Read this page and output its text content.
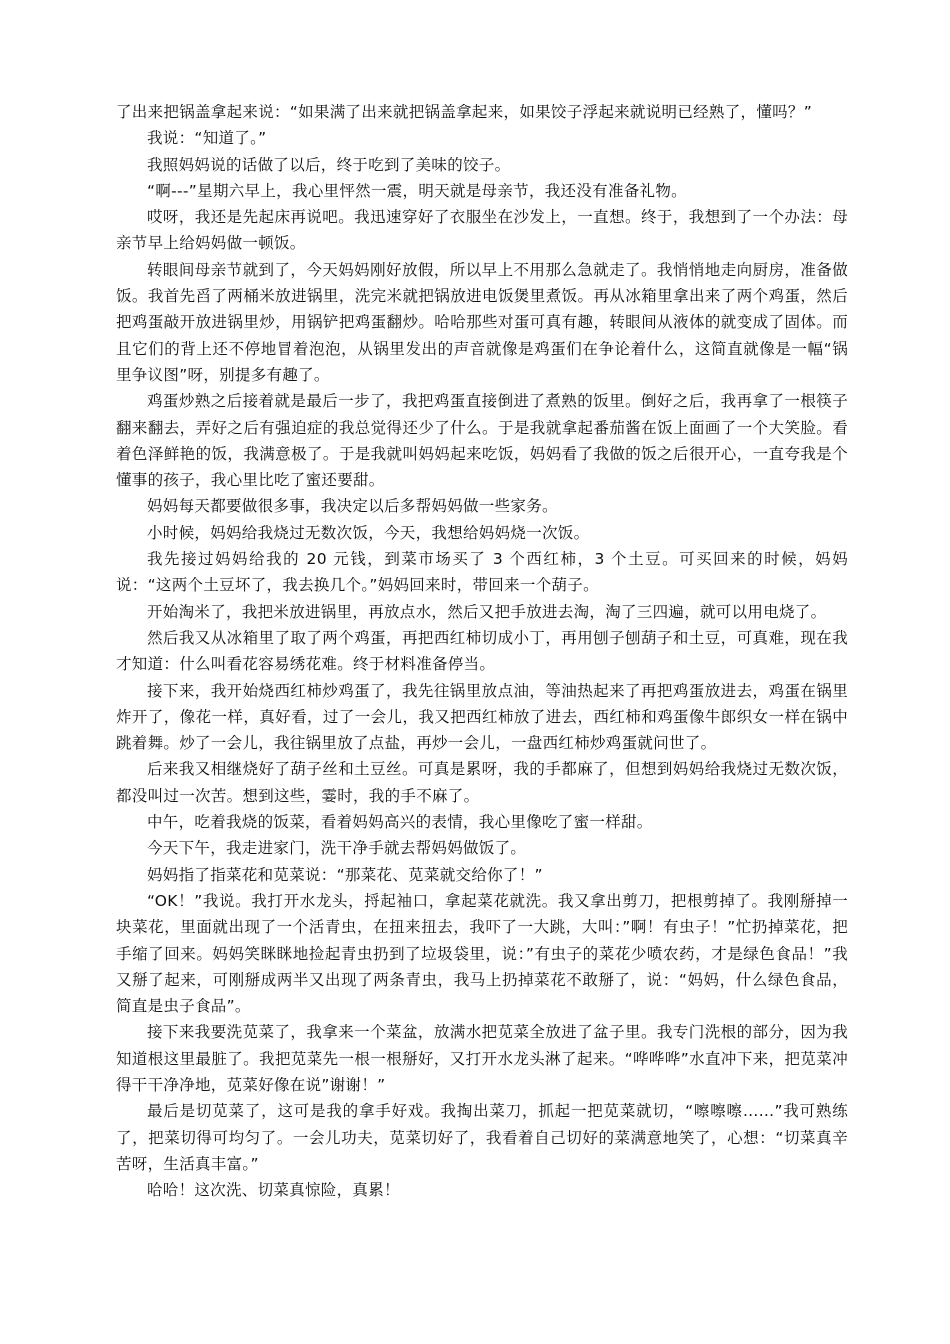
了出来把锅盖拿起来说：“如果满了出来就把锅盖拿起来，如果饺子浮起来就说明已经熟了，懂吗？”

我说：“知道了。”

我照妈妈说的话做了以后，终于吃到了美味的饺子。

“啊---”星期六早上，我心里怦然一震，明天就是母亲节，我还没有准备礼物。

哎呀，我还是先起床再说吧。我迅速穿好了衣服坐在沙发上，一直想。终于，我想到了一个办法：母亲节早上给妈妈做一顿饭。

转眼间母亲节就到了，今天妈妈刚好放假，所以早上不用那么急就走了。我悄悄地走向厨房，准备做饭。我首先舀了两桶米放进锅里，洗完米就把锅放进电饭煲里煮饭。再从冰箱里拿出来了两个鸡蛋，然后把鸡蛋敲开放进锅里炒，用锅铲把鸡蛋翻炒。哈哈那些对蛋可真有趣，转眼间从液体的就变成了固体。而且它们的背上还不停地冒着泡泡，从锅里发出的声音就像是鸡蛋们在争论着什么，这简直就像是一幅“锅里争议图”呀，别提多有趣了。

鸡蛋炒熟之后接着就是最后一步了，我把鸡蛋直接倒进了煮熟的饭里。倒好之后，我再拿了一根筷子翻来翻去，弄好之后有强迫症的我总觉得还少了什么。于是我就拿起番茄酱在饭上面画了一个大笑脸。看着色泽鲜艳的饭，我满意极了。于是我就叫妈妈起来吃饭，妈妈看了我做的饭之后很开心，一直夸我是个懂事的孩子，我心里比吃了蜜还要甜。

妈妈每天都要做很多事，我决定以后多帮妈妈做一些家务。

小时候，妈妈给我烧过无数次饭，今天，我想给妈妈烧一次饭。

我先接过妈妈给我的 20 元钱，到菜市场买了 3 个西红柿，3 个土豆。可买回来的时候，妈妈说：“这两个土豆坏了，我去换几个。”妈妈回来时，带回来一个葫子。

开始淘米了，我把米放进锅里，再放点水，然后又把手放进去淘，淘了三四遍，就可以用电烧了。

然后我又从冰箱里了取了两个鸡蛋，再把西红柿切成小丁，再用刨子刨葫子和土豆，可真难，现在我才知道：什么叫看花容易绣花难。终于材料准备停当。

接下来，我开始烧西红柿炒鸡蛋了，我先往锅里放点油，等油热起来了再把鸡蛋放进去，鸡蛋在锅里炸开了，像花一样，真好看，过了一会儿，我又把西红柿放了进去，西红柿和鸡蛋像牛郎织女一样在锅中跳着舞。炒了一会儿，我往锅里放了点盐，再炒一会儿，一盘西红柿炒鸡蛋就问世了。

后来我又相继烧好了葫子丝和土豆丝。可真是累呀，我的手都麻了，但想到妈妈给我烧过无数次饭，都没叫过一次苦。想到这些，霎时，我的手不麻了。

中午，吃着我烧的饭菜，看着妈妈高兴的表情，我心里像吃了蜜一样甜。

今天下午，我走进家门，洗干净手就去帮妈妈做饭了。

妈妈指了指菜花和苋菜说：“那菜花、苋菜就交给你了！”

“OK！”我说。我打开水龙头，捋起袖口，拿起菜花就洗。我又拿出剪刀，把根剪掉了。我刚掰掉一块菜花，里面就出现了一个活青虫，在扭来扭去，我吓了一大跳，大叫：”啊！有虫子！”忙扔掉菜花，把手缩了回来。妈妈笑眯眯地捡起青虫扔到了垃圾袋里，说：”有虫子的菜花少喷农药，才是绿色食品！”我又掰了起来，可刚掰成两半又出现了两条青虫，我马上扔掉菜花不敢掰了，说：“妈妈，什么绿色食品，简直是虫子食品”。

接下来我要洗苋菜了，我拿来一个菜盆，放满水把苋菜全放进了盆子里。我专门洗根的部分，因为我知道根这里最脏了。我把苋菜先一根一根掰好，又打开水龙头淋了起来。“哗哗哗”水直冲下来，把苋菜冲得干干净净地，苋菜好像在说”谢谢！”

最后是切苋菜了，这可是我的拿手好戏。我掏出菜刀，抓起一把苋菜就切，“嚓嚓嚓……”我可熟练了，把菜切得可均匀了。一会儿功夫，苋菜切好了，我看着自己切好的菜满意地笑了，心想：“切菜真辛苦呀，生活真丰富。”

哈哈！这次洗、切菜真惊险，真累！
